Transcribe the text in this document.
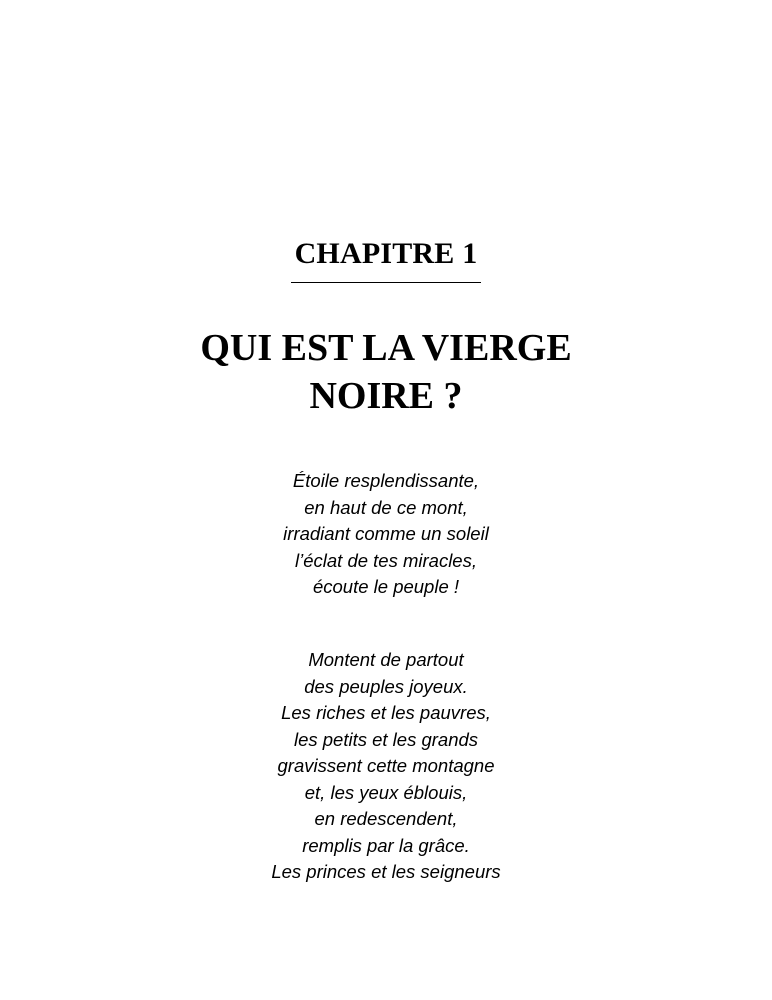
CHAPITRE 1
QUI EST LA VIERGE
NOIRE ?
Étoile resplendissante,
en haut de ce mont,
irradiant comme un soleil
l’éclat de tes miracles,
écoute le peuple !
Montent de partout
des peuples joyeux.
Les riches et les pauvres,
les petits et les grands
gravissent cette montagne
et, les yeux éblouis,
en redescendent,
remplis par la grâce.
Les princes et les seigneurs
